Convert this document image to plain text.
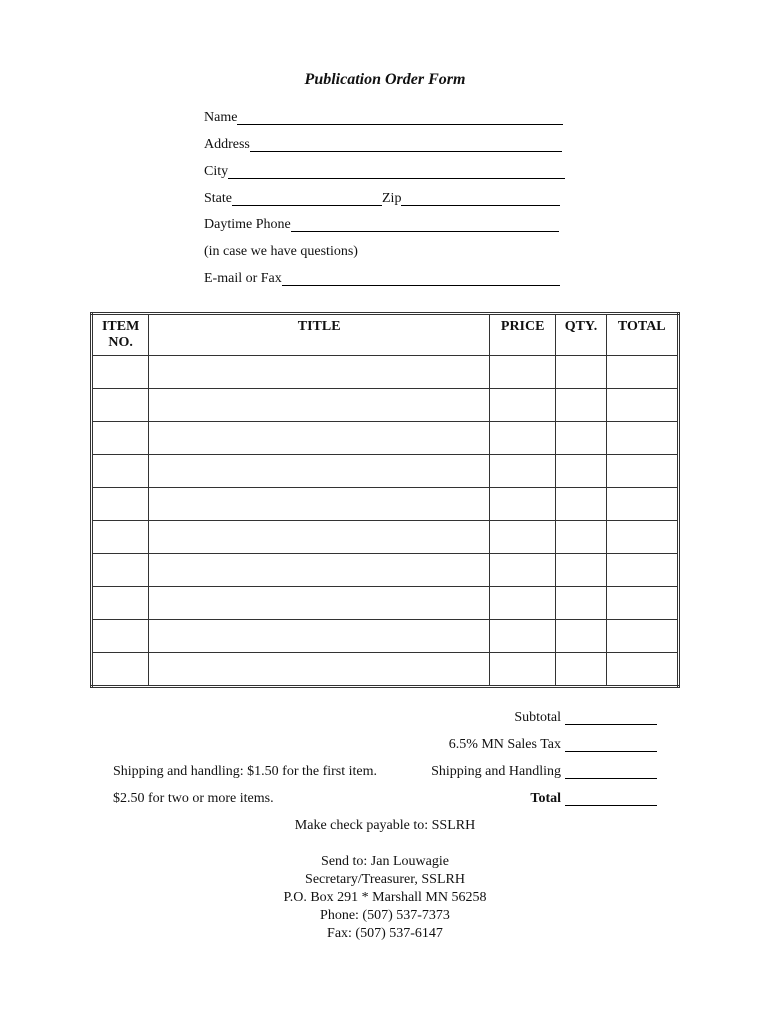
Publication Order Form
Name
Address
City
State	Zip
Daytime Phone
(in case we have questions)
E-mail or Fax
ITEM NO.	TITLE	PRICE	QTY.	TOTAL

Subtotal
6.5% MN Sales Tax
Shipping and handling: $1.50 for the first item.	Shipping and Handling
$2.50 for two or more items.	Total
Make check payable to: SSLRH
Send to: Jan Louwagie
Secretary/Treasurer, SSLRH
P.O. Box 291 * Marshall MN 56258
Phone: (507) 537-7373
Fax: (507) 537-6147
